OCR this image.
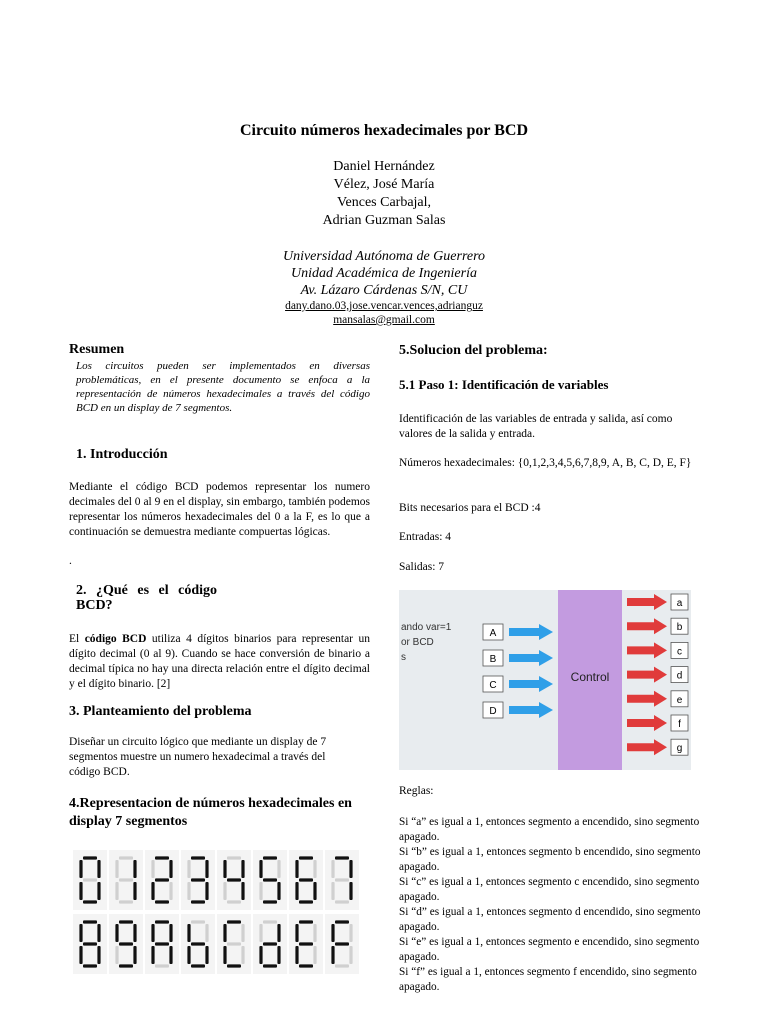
Circuito números hexadecimales por BCD
Daniel Hernández
Vélez, José María
Vences Carbajal,
Adrian Guzman Salas
Universidad Autónoma de Guerrero
Unidad Académica de Ingeniería
Av. Lázaro Cárdenas S/N, CU
dany.dano.03,jose.vencar.vences,adrianguz
mansalas@gmail.com
Resumen
Los circuitos pueden ser implementados en diversas problemáticas, en el presente documento se enfoca a la representación de números hexadecimales a través del código BCD en un display de 7 segmentos.
1. Introducción
Mediante el código BCD podemos representar los numero decimales del 0 al 9 en el display, sin embargo, también podemos representar los números hexadecimales del 0 a la F, es lo que a continuación se demuestra mediante compuertas lógicas.
.
2. ¿Qué es el código
BCD?
El código BCD utiliza 4 dígitos binarios para representar un dígito decimal (0 al 9). Cuando se hace conversión de binario a decimal típica no hay una directa relación entre el dígito decimal y el dígito binario. [2]
3. Planteamiento del problema
Diseñar un circuito lógico que mediante un display de 7 segmentos muestre un numero hexadecimal a través del código BCD.
4.Representacion de números hexadecimales en display 7 segmentos
5.Solucion del problema:
5.1 Paso 1: Identificación de variables
Identificación de las variables de entrada y salida, así como valores de la salida y entrada.
Números hexadecimales: {0,1,2,3,4,5,6,7,8,9, A, B, C, D, E, F}
Bits necesarios para el BCD :4
Entradas: 4
Salidas: 7
ando var=1
or BCD
s
Control
A
B
C
D
a
b
c
d
e
f
g
Reglas:
Si “a” es igual a 1, entonces segmento a encendido, sino segmento apagado.
Si “b” es igual a 1, entonces segmento b encendido, sino segmento apagado.
Si “c” es igual a 1, entonces segmento c encendido, sino segmento apagado.
Si “d” es igual a 1, entonces segmento d encendido, sino segmento apagado.
Si “e” es igual a 1, entonces segmento e encendido, sino segmento apagado.
Si “f” es igual a 1, entonces segmento f encendido, sino segmento apagado.
